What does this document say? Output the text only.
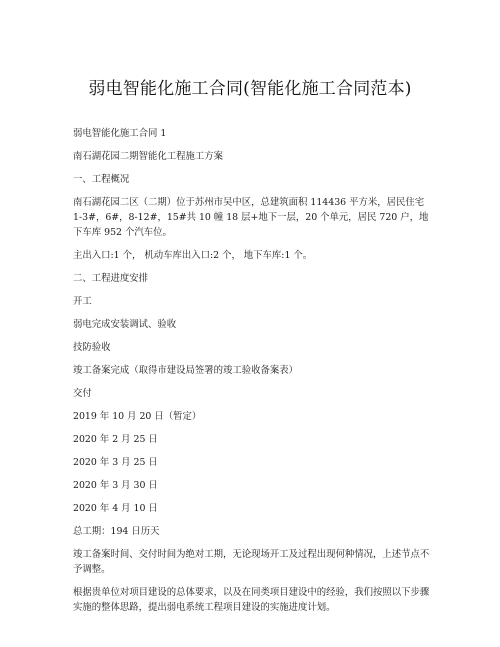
弱电智能化施工合同(智能化施工合同范本)

弱电智能化施工合同 1

南石湖花园二期智能化工程施工方案

一、工程概况

南石湖花园二区（二期）位于苏州市吴中区，总建筑面积 114436 平方米，居民住宅 1-3#，6#，8-12#，15#共 10 幢 18 层+地下一层，20 个单元，居民 720 户，地下车库 952 个汽车位。

主出入口:1 个， 机动车库出入口:2 个， 地下车库:1 个。

二、工程进度安排

开工

弱电完成安装调试、验收

技防验收

竣工备案完成（取得市建设局签署的竣工验收备案表）

交付

2019 年 10 月 20 日（暂定）

2020 年 2 月 25 日

2020 年 3 月 25 日

2020 年 3 月 30 日

2020 年 4 月 10 日

总工期：194 日历天

竣工备案时间、交付时间为绝对工期，无论现场开工及过程出现何种情况，上述节点不予调整。

根据贵单位对项目建设的总体要求，以及在同类项目建设中的经验，我们按照以下步骤实施的整体思路，提出弱电系统工程项目建设的实施进度计划。
